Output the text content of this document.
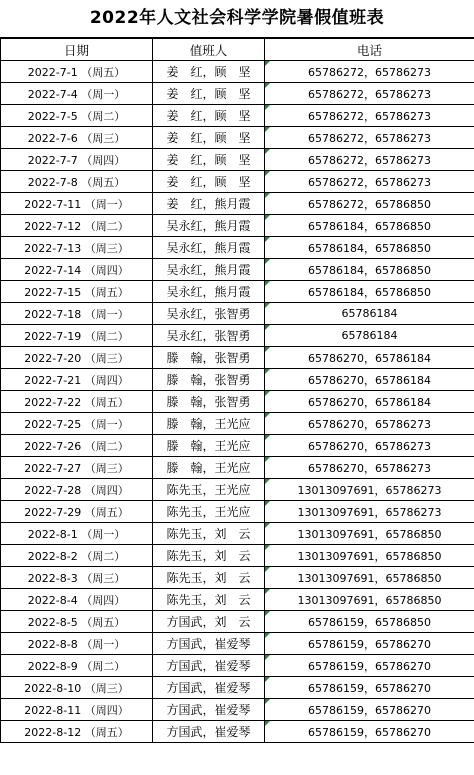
2022年人文社会科学学院暑假值班表
日期	值班人	电话
2022-7-1 （周五）	姜　红，顾　坚	65786272，65786273
2022-7-4 （周一）	姜　红，顾　坚	65786272，65786273
2022-7-5 （周二）	姜　红，顾　坚	65786272，65786273
2022-7-6 （周三）	姜　红，顾　坚	65786272，65786273
2022-7-7 （周四）	姜　红，顾　坚	65786272，65786273
2022-7-8 （周五）	姜　红，顾　坚	65786272，65786273
2022-7-11 （周一）	姜　红，熊月霞	65786272，65786850
2022-7-12 （周二）	吴永红，熊月霞	65786184，65786850
2022-7-13 （周三）	吴永红，熊月霞	65786184，65786850
2022-7-14 （周四）	吴永红，熊月霞	65786184，65786850
2022-7-15 （周五）	吴永红，熊月霞	65786184，65786850
2022-7-18 （周一）	吴永红，张智勇	65786184
2022-7-19 （周二）	吴永红，张智勇	65786184
2022-7-20 （周三）	滕　翰，张智勇	65786270，65786184
2022-7-21 （周四）	滕　翰，张智勇	65786270，65786184
2022-7-22 （周五）	滕　翰，张智勇	65786270，65786184
2022-7-25 （周一）	滕　翰，王光应	65786270，65786273
2022-7-26 （周二）	滕　翰，王光应	65786270，65786273
2022-7-27 （周三）	滕　翰，王光应	65786270，65786273
2022-7-28 （周四）	陈先玉，王光应	13013097691，65786273
2022-7-29 （周五）	陈先玉，王光应	13013097691，65786273
2022-8-1 （周一）	陈先玉，刘　云	13013097691，65786850
2022-8-2 （周二）	陈先玉，刘　云	13013097691，65786850
2022-8-3 （周三）	陈先玉，刘　云	13013097691，65786850
2022-8-4 （周四）	陈先玉，刘　云	13013097691，65786850
2022-8-5 （周五）	方国武，刘　云	65786159，65786850
2022-8-8 （周一）	方国武，崔爱琴	65786159，65786270
2022-8-9 （周二）	方国武，崔爱琴	65786159，65786270
2022-8-10 （周三）	方国武，崔爱琴	65786159，65786270
2022-8-11 （周四）	方国武，崔爱琴	65786159，65786270
2022-8-12 （周五）	方国武，崔爱琴	65786159，65786270
